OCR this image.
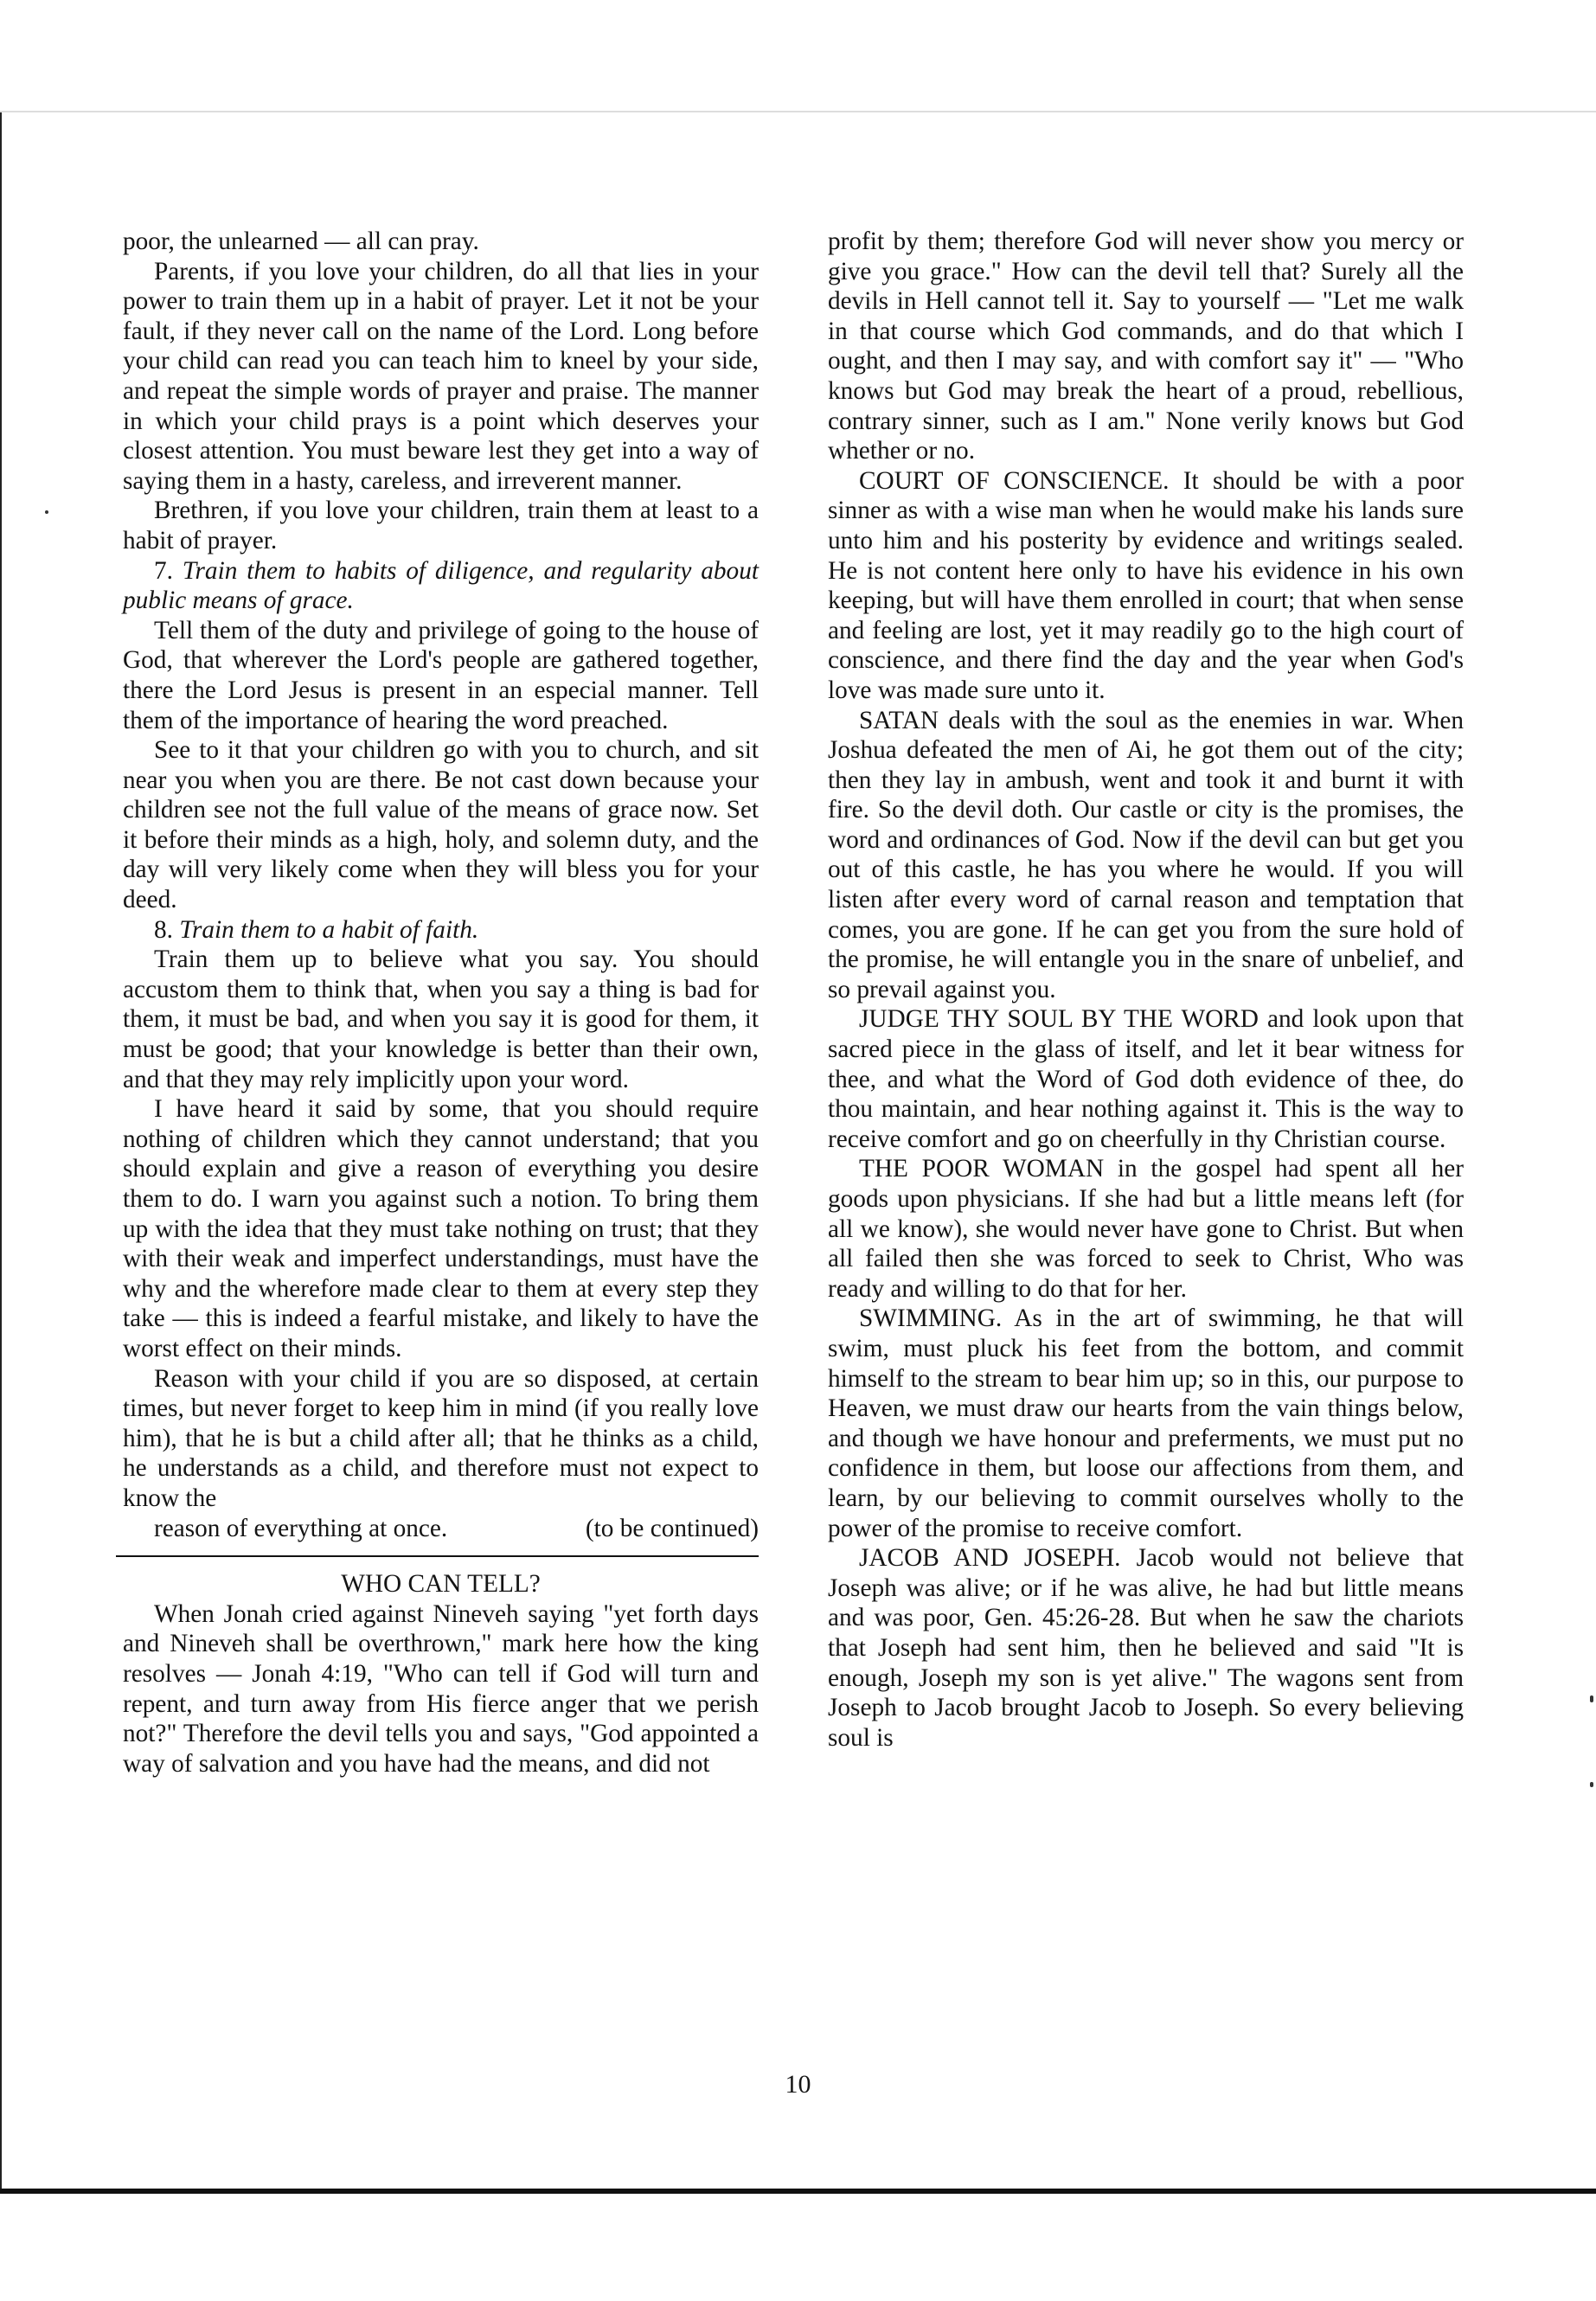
poor, the unlearned — all can pray.

Parents, if you love your children, do all that lies in your power to train them up in a habit of prayer. Let it not be your fault, if they never call on the name of the Lord. Long before your child can read you can teach him to kneel by your side, and repeat the simple words of prayer and praise. The manner in which your child prays is a point which deserves your closest attention. You must beware lest they get into a way of saying them in a hasty, careless, and irreverent manner.

Brethren, if you love your children, train them at least to a habit of prayer.

7. Train them to habits of diligence, and regularity about public means of grace.

Tell them of the duty and privilege of going to the house of God, that wherever the Lord's people are gathered together, there the Lord Jesus is present in an especial manner. Tell them of the importance of hearing the word preached.

See to it that your children go with you to church, and sit near you when you are there. Be not cast down because your children see not the full value of the means of grace now. Set it before their minds as a high, holy, and solemn duty, and the day will very likely come when they will bless you for your deed.

8. Train them to a habit of faith.

Train them up to believe what you say. You should accustom them to think that, when you say a thing is bad for them, it must be bad, and when you say it is good for them, it must be good; that your knowledge is better than their own, and that they may rely implicitly upon your word.

I have heard it said by some, that you should require nothing of children which they cannot understand; that you should explain and give a reason of everything you desire them to do. I warn you against such a notion. To bring them up with the idea that they must take nothing on trust; that they with their weak and imperfect understandings, must have the why and the wherefore made clear to them at every step they take — this is indeed a fearful mistake, and likely to have the worst effect on their minds.

Reason with your child if you are so disposed, at certain times, but never forget to keep him in mind (if you really love him), that he is but a child after all; that he thinks as a child, he understands as a child, and therefore must not expect to know the

reason of everything at once.	(to be continued)

WHO CAN TELL?

When Jonah cried against Nineveh saying "yet forth days and Nineveh shall be overthrown," mark here how the king resolves — Jonah 4:19, "Who can tell if God will turn and repent, and turn away from His fierce anger that we perish not?" Therefore the devil tells you and says, "God appointed a way of salvation and you have had the means, and did not

profit by them; therefore God will never show you mercy or give you grace." How can the devil tell that? Surely all the devils in Hell cannot tell it. Say to yourself — "Let me walk in that course which God commands, and do that which I ought, and then I may say, and with comfort say it" — "Who knows but God may break the heart of a proud, rebellious, contrary sinner, such as I am." None verily knows but God whether or no.

COURT OF CONSCIENCE. It should be with a poor sinner as with a wise man when he would make his lands sure unto him and his posterity by evidence and writings sealed. He is not content here only to have his evidence in his own keeping, but will have them enrolled in court; that when sense and feeling are lost, yet it may readily go to the high court of conscience, and there find the day and the year when God's love was made sure unto it.

SATAN deals with the soul as the enemies in war. When Joshua defeated the men of Ai, he got them out of the city; then they lay in ambush, went and took it and burnt it with fire. So the devil doth. Our castle or city is the promises, the word and ordinances of God. Now if the devil can but get you out of this castle, he has you where he would. If you will listen after every word of carnal reason and temptation that comes, you are gone. If he can get you from the sure hold of the promise, he will entangle you in the snare of unbelief, and so prevail against you.

JUDGE THY SOUL BY THE WORD and look upon that sacred piece in the glass of itself, and let it bear witness for thee, and what the Word of God doth evidence of thee, do thou maintain, and hear nothing against it. This is the way to receive comfort and go on cheerfully in thy Christian course.

THE POOR WOMAN in the gospel had spent all her goods upon physicians. If she had but a little means left (for all we know), she would never have gone to Christ. But when all failed then she was forced to seek to Christ, Who was ready and willing to do that for her.

SWIMMING. As in the art of swimming, he that will swim, must pluck his feet from the bottom, and commit himself to the stream to bear him up; so in this, our purpose to Heaven, we must draw our hearts from the vain things below, and though we have honour and preferments, we must put no confidence in them, but loose our affections from them, and learn, by our believing to commit ourselves wholly to the power of the promise to receive comfort.

JACOB AND JOSEPH. Jacob would not believe that Joseph was alive; or if he was alive, he had but little means and was poor, Gen. 45:26-28. But when he saw the chariots that Joseph had sent him, then he believed and said "It is enough, Joseph my son is yet alive." The wagons sent from Joseph to Jacob brought Jacob to Joseph. So every believing soul is

10
